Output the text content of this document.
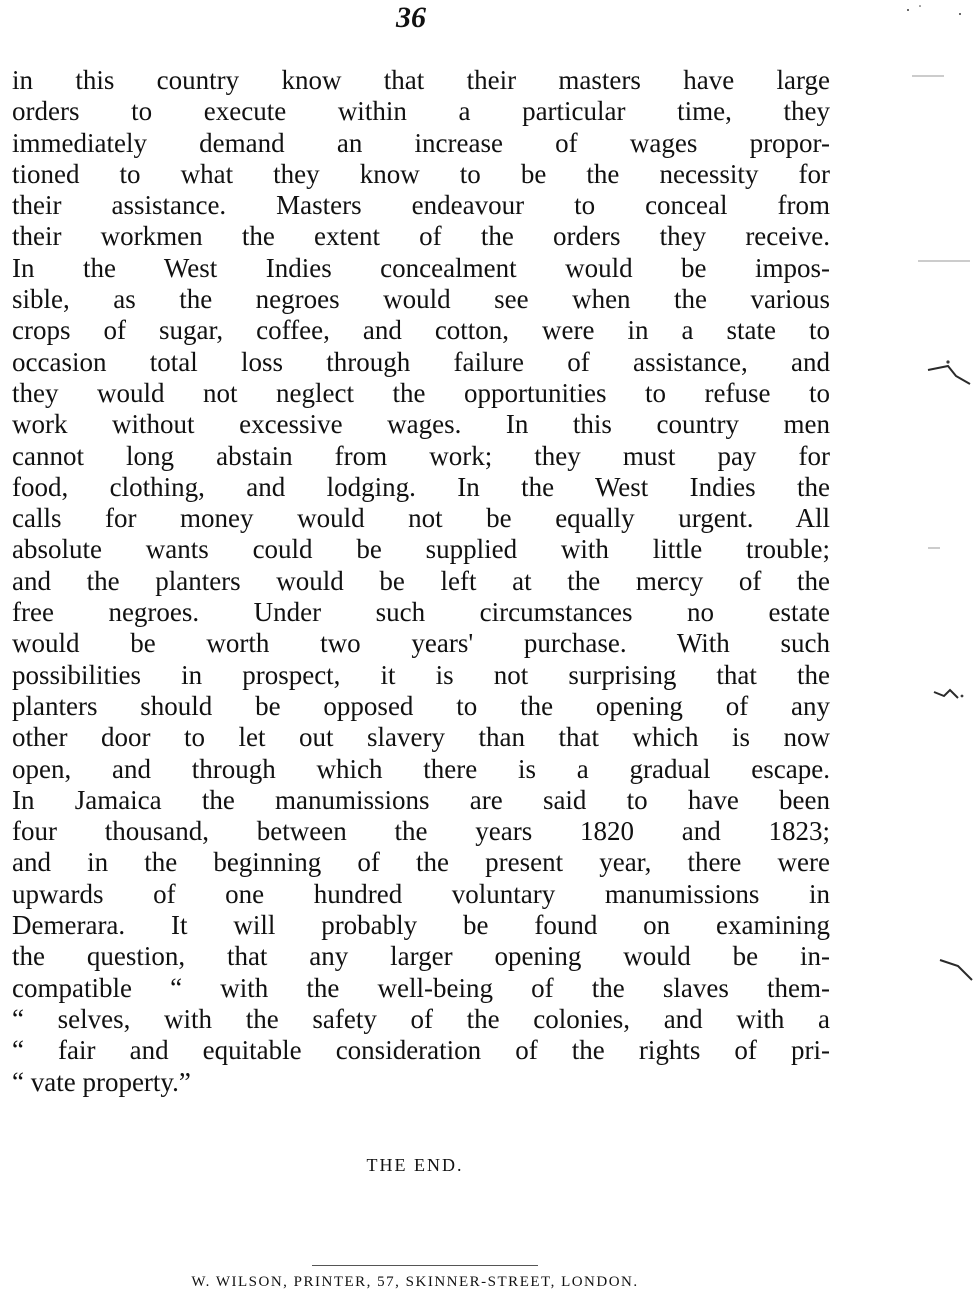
36
in this country know that their masters have large
orders to execute within a particular time, they
immediately demand an increase of wages propor-
tioned to what they know to be the necessity for
their assistance. Masters endeavour to conceal from
their workmen the extent of the orders they receive.
In the West Indies concealment would be impos-
sible, as the negroes would see when the various
crops of sugar, coffee, and cotton, were in a state to
occasion total loss through failure of assistance, and
they would not neglect the opportunities to refuse to
work without excessive wages. In this country men
cannot long abstain from work; they must pay for
food, clothing, and lodging. In the West Indies the
calls for money would not be equally urgent. All
absolute wants could be supplied with little trouble;
and the planters would be left at the mercy of the
free negroes. Under such circumstances no estate
would be worth two years' purchase. With such
possibilities in prospect, it is not surprising that the
planters should be opposed to the opening of any
other door to let out slavery than that which is now
open, and through which there is a gradual escape.
In Jamaica the manumissions are said to have been
four thousand, between the years 1820 and 1823;
and in the beginning of the present year, there were
upwards of one hundred voluntary manumissions in
Demerara. It will probably be found on examining
the question, that any larger opening would be in-
compatible “ with the well-being of the slaves them-
“ selves, with the safety of the colonies, and with a
“ fair and equitable consideration of the rights of pri-
“ vate property.”
THE END.
W. WILSON, PRINTER, 57, SKINNER-STREET, LONDON.
